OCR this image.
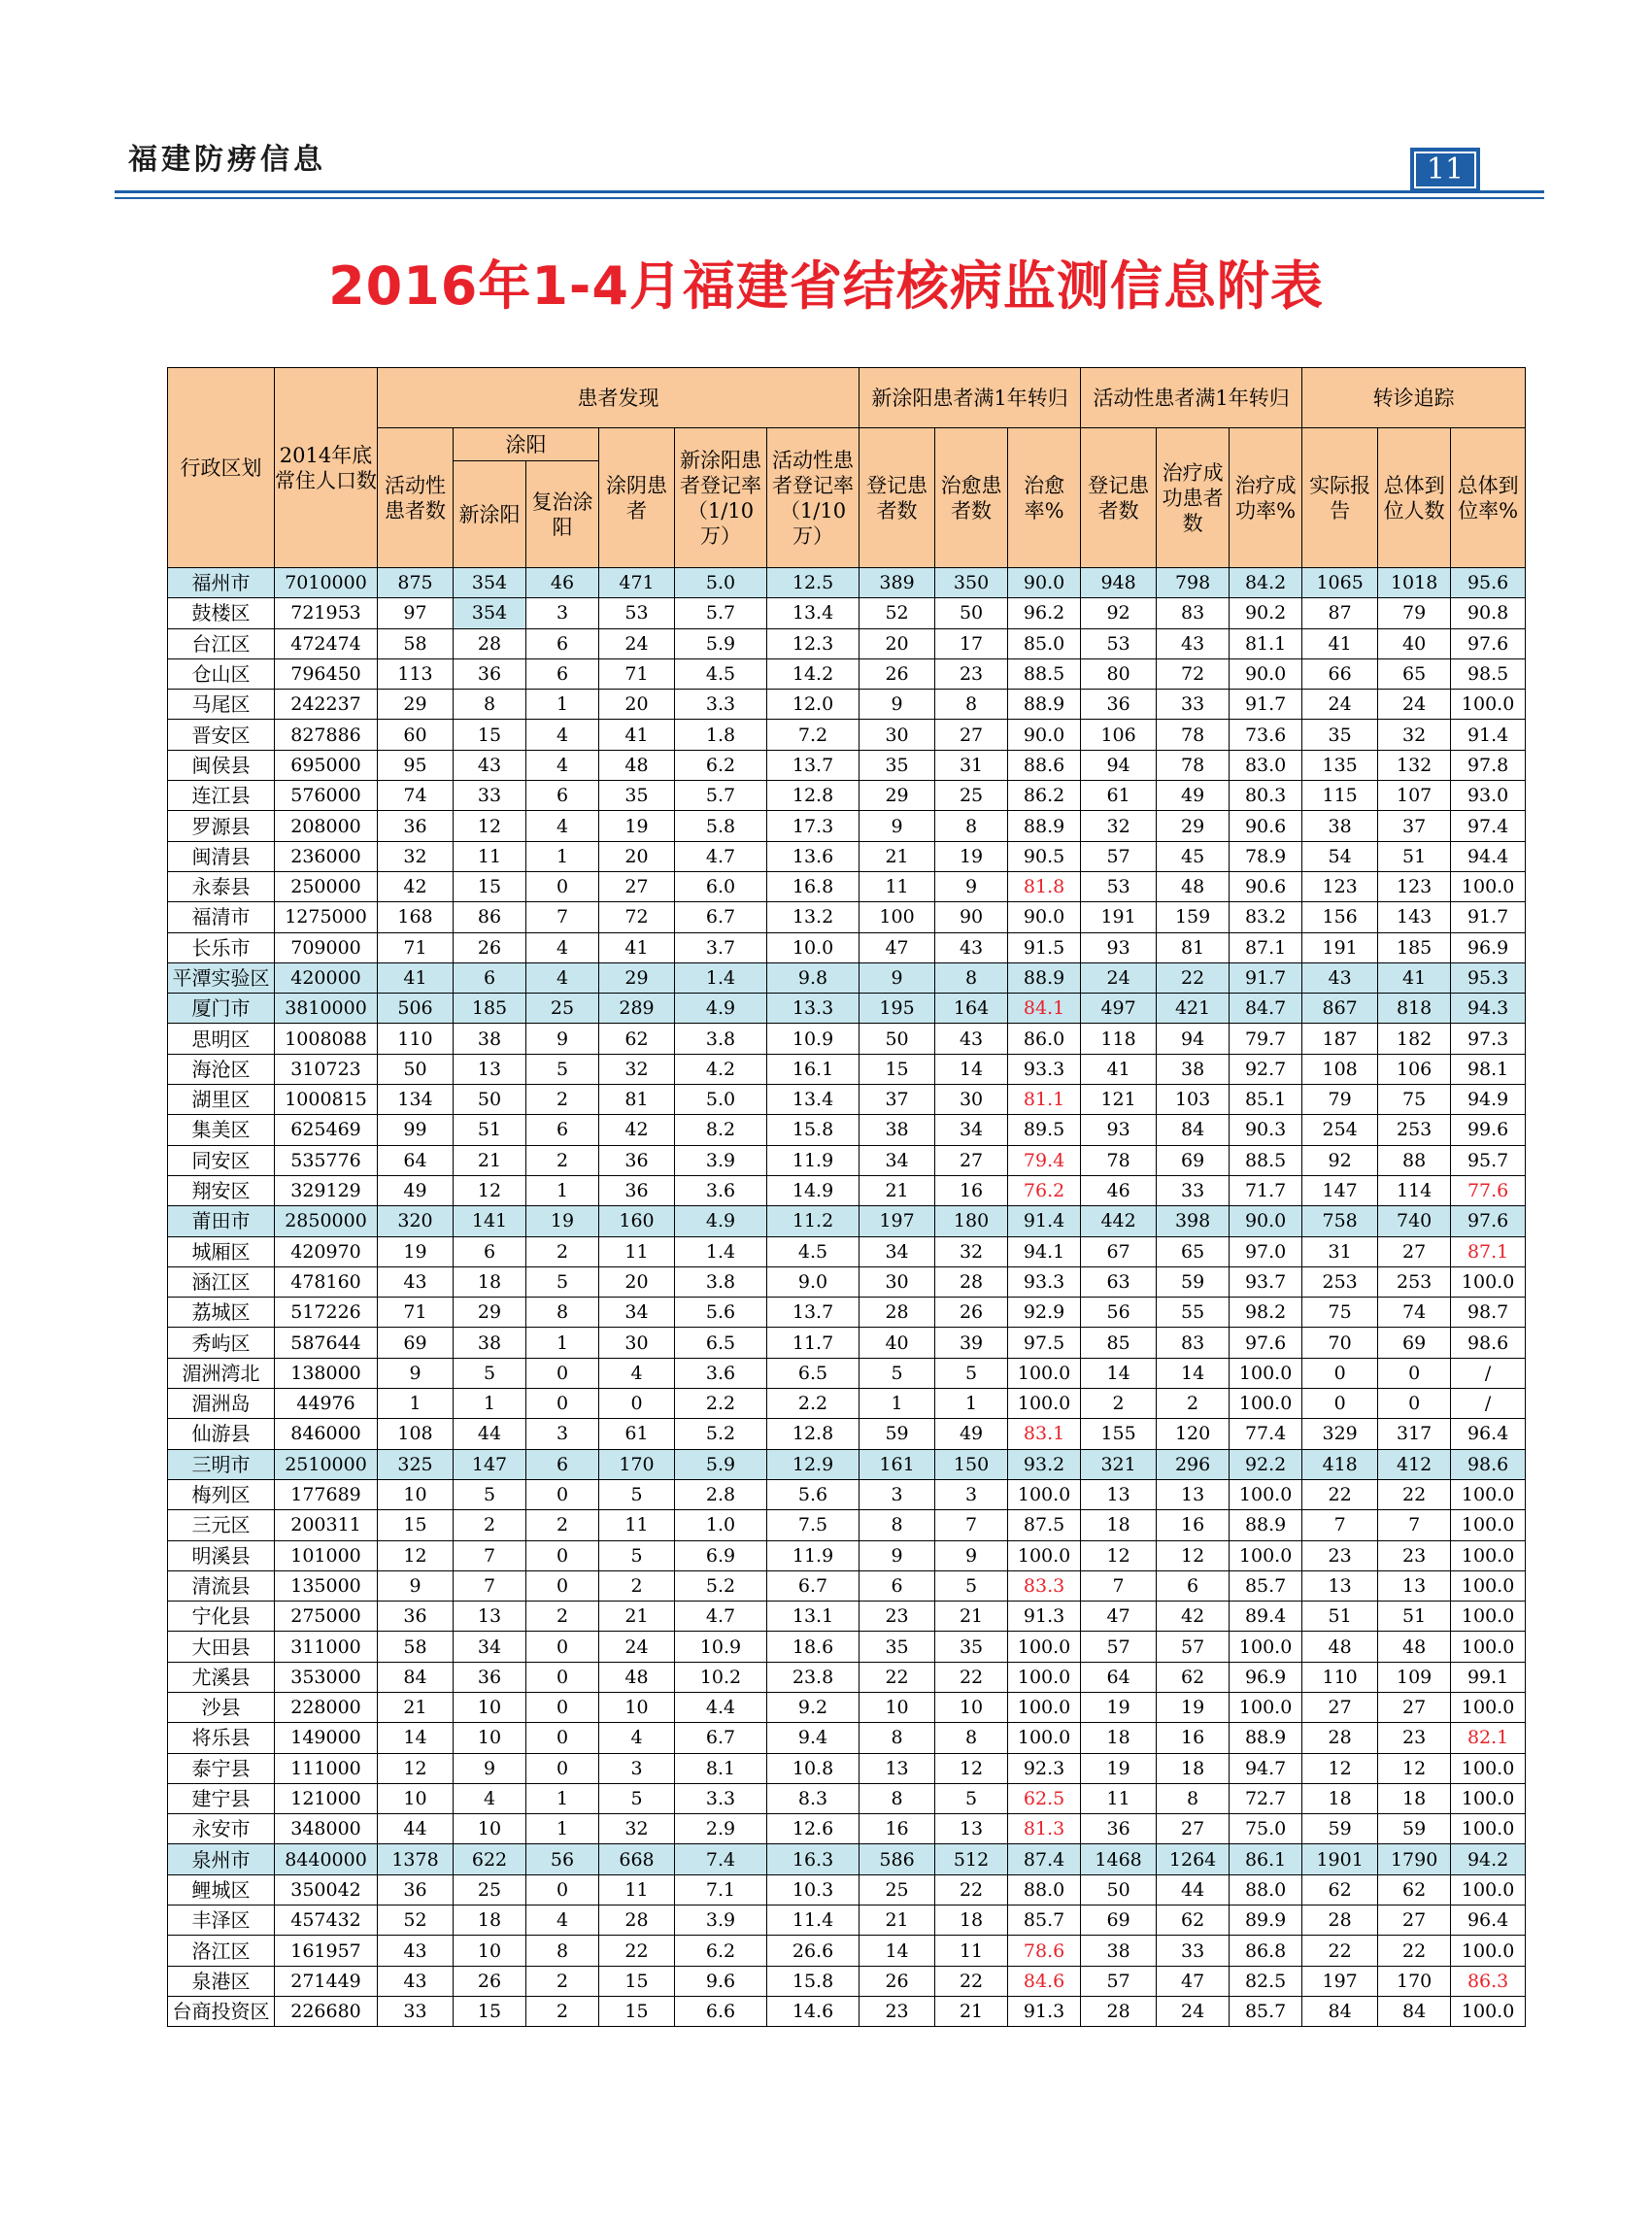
福建防痨信息	11
2016年1-4月福建省结核病监测信息附表
行政区划	2014年底常住人口数	患者发现						新涂阳患者满1年转归			活动性患者满1年转归			转诊追踪		
		活动性患者数	涂阳		涂阴患者	新涂阳患者登记率（1/10万）	活动性患者登记率（1/10万）	登记患者数	治愈患者数	治愈率%	登记患者数	治疗成功患者数	治疗成功率%	实际报告	总体到位人数	总体到位率%
			新涂阳	复治涂阳												
福州市	7010000	875	354	46	471	5.0	12.5	389	350	90.0	948	798	84.2	1065	1018	95.6
鼓楼区	721953	97	354	3	53	5.7	13.4	52	50	96.2	92	83	90.2	87	79	90.8
台江区	472474	58	28	6	24	5.9	12.3	20	17	85.0	53	43	81.1	41	40	97.6
仓山区	796450	113	36	6	71	4.5	14.2	26	23	88.5	80	72	90.0	66	65	98.5
马尾区	242237	29	8	1	20	3.3	12.0	9	8	88.9	36	33	91.7	24	24	100.0
晋安区	827886	60	15	4	41	1.8	7.2	30	27	90.0	106	78	73.6	35	32	91.4
闽侯县	695000	95	43	4	48	6.2	13.7	35	31	88.6	94	78	83.0	135	132	97.8
连江县	576000	74	33	6	35	5.7	12.8	29	25	86.2	61	49	80.3	115	107	93.0
罗源县	208000	36	12	4	19	5.8	17.3	9	8	88.9	32	29	90.6	38	37	97.4
闽清县	236000	32	11	1	20	4.7	13.6	21	19	90.5	57	45	78.9	54	51	94.4
永泰县	250000	42	15	0	27	6.0	16.8	11	9	81.8	53	48	90.6	123	123	100.0
福清市	1275000	168	86	7	72	6.7	13.2	100	90	90.0	191	159	83.2	156	143	91.7
长乐市	709000	71	26	4	41	3.7	10.0	47	43	91.5	93	81	87.1	191	185	96.9
平潭实验区	420000	41	6	4	29	1.4	9.8	9	8	88.9	24	22	91.7	43	41	95.3
厦门市	3810000	506	185	25	289	4.9	13.3	195	164	84.1	497	421	84.7	867	818	94.3
思明区	1008088	110	38	9	62	3.8	10.9	50	43	86.0	118	94	79.7	187	182	97.3
海沧区	310723	50	13	5	32	4.2	16.1	15	14	93.3	41	38	92.7	108	106	98.1
湖里区	1000815	134	50	2	81	5.0	13.4	37	30	81.1	121	103	85.1	79	75	94.9
集美区	625469	99	51	6	42	8.2	15.8	38	34	89.5	93	84	90.3	254	253	99.6
同安区	535776	64	21	2	36	3.9	11.9	34	27	79.4	78	69	88.5	92	88	95.7
翔安区	329129	49	12	1	36	3.6	14.9	21	16	76.2	46	33	71.7	147	114	77.6
莆田市	2850000	320	141	19	160	4.9	11.2	197	180	91.4	442	398	90.0	758	740	97.6
城厢区	420970	19	6	2	11	1.4	4.5	34	32	94.1	67	65	97.0	31	27	87.1
涵江区	478160	43	18	5	20	3.8	9.0	30	28	93.3	63	59	93.7	253	253	100.0
荔城区	517226	71	29	8	34	5.6	13.7	28	26	92.9	56	55	98.2	75	74	98.7
秀屿区	587644	69	38	1	30	6.5	11.7	40	39	97.5	85	83	97.6	70	69	98.6
湄洲湾北	138000	9	5	0	4	3.6	6.5	5	5	100.0	14	14	100.0	0	0	/
湄洲岛	44976	1	1	0	0	2.2	2.2	1	1	100.0	2	2	100.0	0	0	/
仙游县	846000	108	44	3	61	5.2	12.8	59	49	83.1	155	120	77.4	329	317	96.4
三明市	2510000	325	147	6	170	5.9	12.9	161	150	93.2	321	296	92.2	418	412	98.6
梅列区	177689	10	5	0	5	2.8	5.6	3	3	100.0	13	13	100.0	22	22	100.0
三元区	200311	15	2	2	11	1.0	7.5	8	7	87.5	18	16	88.9	7	7	100.0
明溪县	101000	12	7	0	5	6.9	11.9	9	9	100.0	12	12	100.0	23	23	100.0
清流县	135000	9	7	0	2	5.2	6.7	6	5	83.3	7	6	85.7	13	13	100.0
宁化县	275000	36	13	2	21	4.7	13.1	23	21	91.3	47	42	89.4	51	51	100.0
大田县	311000	58	34	0	24	10.9	18.6	35	35	100.0	57	57	100.0	48	48	100.0
尤溪县	353000	84	36	0	48	10.2	23.8	22	22	100.0	64	62	96.9	110	109	99.1
沙县	228000	21	10	0	10	4.4	9.2	10	10	100.0	19	19	100.0	27	27	100.0
将乐县	149000	14	10	0	4	6.7	9.4	8	8	100.0	18	16	88.9	28	23	82.1
泰宁县	111000	12	9	0	3	8.1	10.8	13	12	92.3	19	18	94.7	12	12	100.0
建宁县	121000	10	4	1	5	3.3	8.3	8	5	62.5	11	8	72.7	18	18	100.0
永安市	348000	44	10	1	32	2.9	12.6	16	13	81.3	36	27	75.0	59	59	100.0
泉州市	8440000	1378	622	56	668	7.4	16.3	586	512	87.4	1468	1264	86.1	1901	1790	94.2
鲤城区	350042	36	25	0	11	7.1	10.3	25	22	88.0	50	44	88.0	62	62	100.0
丰泽区	457432	52	18	4	28	3.9	11.4	21	18	85.7	69	62	89.9	28	27	96.4
洛江区	161957	43	10	8	22	6.2	26.6	14	11	78.6	38	33	86.8	22	22	100.0
泉港区	271449	43	26	2	15	9.6	15.8	26	22	84.6	57	47	82.5	197	170	86.3
台商投资区	226680	33	15	2	15	6.6	14.6	23	21	91.3	28	24	85.7	84	84	100.0
